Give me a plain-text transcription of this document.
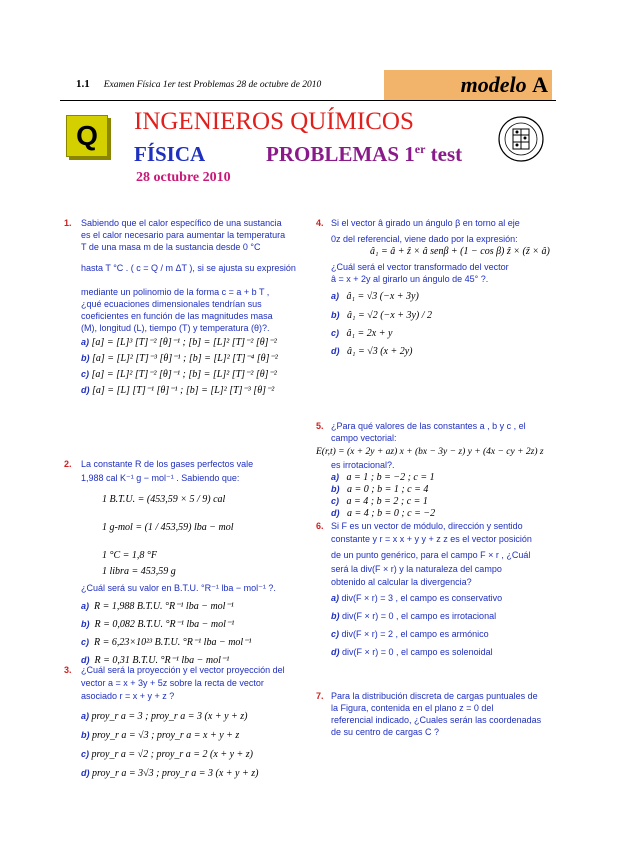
1.1 Examen Física 1er test Problemas 28 de octubre de 2010	modelo A
Q	INGENIEROS QUÍMICOS
FÍSICA	PROBLEMAS 1er test
28 octubre 2010
1. Sabiendo que el calor específico de una sustancia
es el calor necesario para aumentar la temperatura
T de una masa m de la sustancia desde 0 °C
hasta T °C . ( c = Q / m ΔT ), si se ajusta su expresión
mediante un polinomio de la forma c = a + b T ,
¿qué ecuaciones dimensionales tendrían sus
coeficientes en función de las magnitudes masa
(M), longitud (L), tiempo (T) y temperatura (θ)?.
a) [a] = [L]³ [T]⁻² [θ]⁻¹ ; [b] = [L]² [T]⁻² [θ]⁻²
b) [a] = [L]² [T]⁻³ [θ]⁻¹ ; [b] = [L]² [T]⁻⁴ [θ]⁻²
c) [a] = [L]² [T]⁻² [θ]⁻¹ ; [b] = [L]² [T]⁻² [θ]⁻²
d) [a] = [L] [T]⁻¹ [θ]⁻¹ ; [b] = [L]² [T]⁻³ [θ]⁻²
2. La constante R de los gases perfectos vale
1,988 cal K⁻¹ g − mol⁻¹ . Sabiendo que:
1 B.T.U. = (453,59 × 5 / 9) cal
1 g-mol = (1 / 453,59) lba − mol
1 °C = 1,8 °F
1 libra = 453,59 g
¿Cuál será su valor en B.T.U. °R⁻¹ lba − mol⁻¹ ?.
a) R = 1,988 B.T.U. °R⁻¹ lba − mol⁻¹
b) R = 0,082 B.T.U. °R⁻¹ lba − mol⁻¹
c) R = 6,23×10²³ B.T.U. °R⁻¹ lba − mol⁻¹
d) R = 0,31 B.T.U. °R⁻¹ lba − mol⁻¹
3. ¿Cuál será la proyección y el vector proyección del
vector a = x + 3y + 5z sobre la recta de vector
asociado r = x + y + z ?
a) proy_r a = 3 ; proy_r a = 3 (x + y + z)
b) proy_r a = √3 ; proy_r a = x + y + z
c) proy_r a = √2 ; proy_r a = 2 (x + y + z)
d) proy_r a = 3√3 ; proy_r a = 3 (x + y + z)
4. Si el vector â girado un ángulo β en torno al eje
0z del referencial, viene dado por la expresión:
â₁ = â + ẑ × â senβ + (1 − cos β) ẑ × (ẑ × â)
¿Cuál será el vector transformado del vector
â = x + 2y al girarlo un ángulo de 45° ?.
a) â₁ = √3 (−x + 3y)
b) â₁ = √2 (−x + 3y) / 2
c) â₁ = 2x + y
d) â₁ = √3 (x + 2y)
5. ¿Para qué valores de las constantes a , b y c , el
campo vectorial:
E(r,t) = (x + 2y + az) x + (bx − 3y − z) y + (4x − cy + 2z) z
es irrotacional?.
a) a = 1 ; b = −2 ; c = 1
b) a = 0 ; b = 1 ; c = 4
c) a = 4 ; b = 2 ; c = 1
d) a = 4 ; b = 0 ; c = −2
6. Si F es un vector de módulo, dirección y sentido
constante y r = x x + y y + z z es el vector posición
de un punto genérico, para el campo F × r , ¿Cuál
será la div(F × r) y la naturaleza del campo
obtenido al calcular la divergencia?
a) div(F × r) = 3 , el campo es conservativo
b) div(F × r) = 0 , el campo es irrotacional
c) div(F × r) = 2 , el campo es armónico
d) div(F × r) = 0 , el campo es solenoidal
7. Para la distribución discreta de cargas puntuales de
la Figura, contenida en el plano z = 0 del
referencial indicado, ¿Cuales serán las coordenadas
de su centro de cargas C ?
